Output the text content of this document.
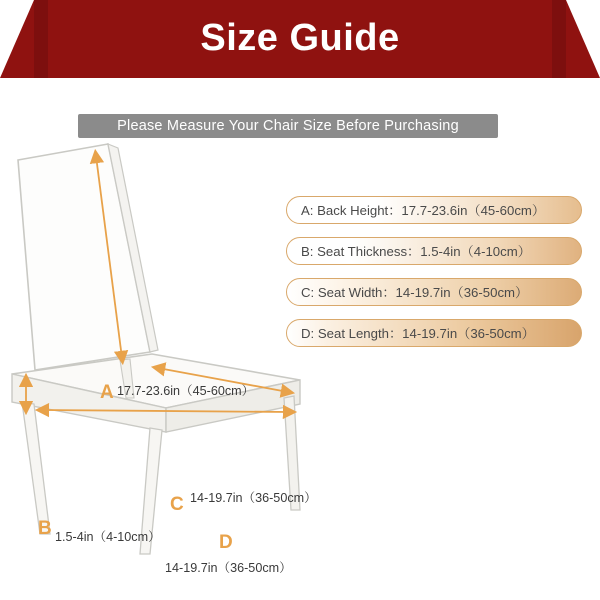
Size Guide
Please Measure Your Chair Size Before Purchasing
A: Back Height：17.7-23.6in（45-60cm）
B: Seat Thickness：1.5-4in（4-10cm）
C: Seat Width：14-19.7in（36-50cm）
D: Seat Length：14-19.7in（36-50cm）
A 17.7-23.6in（45-60cm）
B 1.5-4in（4-10cm）
C 14-19.7in（36-50cm）
D
14-19.7in（36-50cm）
